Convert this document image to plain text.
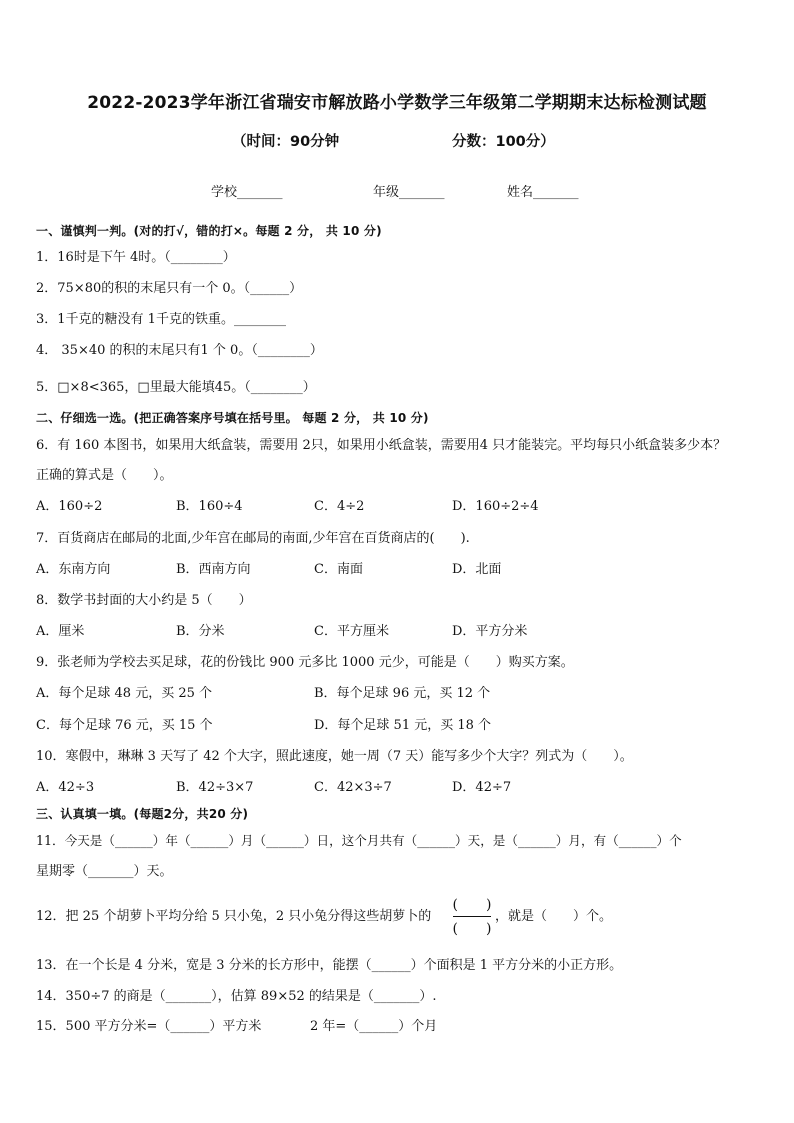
2022-2023学年浙江省瑞安市解放路小学数学三年级第二学期期末达标检测试题
（时间：90分钟	分数：100分）
学校_______	年级_______	姓名_______
一、谨慎判一判。(对的打√，错的打×。每题 2 分， 共 10 分)
1．16时是下午 4时。（________）
2．75×80的积的末尾只有一个 0。（______）
3．1千克的糖没有 1千克的铁重。________
4． 35×40 的积的末尾只有1 个 0。（________）
5．□×8<365，□里最大能填45。（________）
二、仔细选一选。(把正确答案序号填在括号里。 每题 2 分， 共 10 分)
6．有 160 本图书，如果用大纸盒装，需要用 2只，如果用小纸盒装，需要用4 只才能装完。平均每只小纸盒装多少本？
正确的算式是（　　）。
A．160÷2	B．160÷4	C．4÷2	D．160÷2÷4
7．百货商店在邮局的北面,少年宫在邮局的南面,少年宫在百货商店的(　　).
A．东南方向	B．西南方向	C．南面	D．北面
8．数学书封面的大小约是 5（　　）
A．厘米	B．分米	C．平方厘米	D．平方分米
9．张老师为学校去买足球，花的份钱比 900 元多比 1000 元少，可能是（　　）购买方案。
A．每个足球 48 元，买 25 个	B．每个足球 96 元，买 12 个
C．每个足球 76 元，买 15 个	D．每个足球 51 元，买 18 个
10．寒假中，琳琳 3 天写了 42 个大字，照此速度，她一周（7 天）能写多少个大字？列式为（　　）。
A．42÷3	B．42÷3×7	C．42×3÷7	D．42÷7
三、认真填一填。(每题2分，共20 分)
11．今天是（______）年（______）月（______）日，这个月共有（______）天，是（______）月，有（______）个
星期零（_______）天。
12．把 25 个胡萝卜平均分给 5 只小兔，2 只小兔分得这些胡萝卜的
(　　)
(　　)
，就是（　　）个。
13．在一个长是 4 分米，宽是 3 分米的长方形中，能摆（______）个面积是 1 平方分米的小正方形。
14．350÷7 的商是（_______），估算 89×52 的结果是（_______）.
15．500 平方分米=（______）平方米	2 年=（______）个月
